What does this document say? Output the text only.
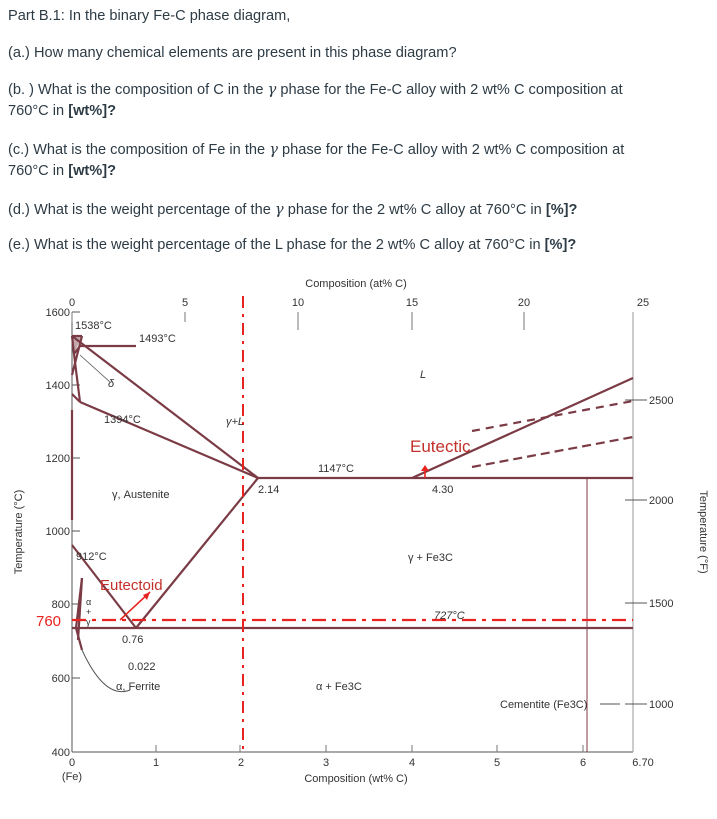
Part B.1: In the binary Fe-C phase diagram,

(a.) How many chemical elements are present in this phase diagram?

(b. ) What is the composition of C in the γ phase for the Fe-C alloy with 2 wt% C composition at
760°C in [wt%]?

(c.) What is the composition of Fe in the γ phase for the Fe-C alloy with 2 wt% C composition at
760°C in [wt%]?

(d.) What is the weight percentage of the γ phase for the 2 wt% C alloy at 760°C in [%]?

(e.) What is the weight percentage of the L phase for the 2 wt% C alloy at 760°C in [%]?

Composition (at% C)
Composition (wt% C)
Temperature (°C)	Temperature (°F)
0	5	10	15	20	25
0	1	2	3	4	5	6	6.70
(Fe)
400
600
800
1000
1200
1400
1600
1000
1500
2000
2500
1538°C
1493°C
δ
1394°C	γ+L
γ, Austenite
L
Eutectic
1147°C
2.14	4.30
γ + Fe3C
912°C
Eutectoid
727°C
0.76
0.022
α, Ferrite	α + Fe3C
Cementite (Fe3C)
α
+
γ
760
